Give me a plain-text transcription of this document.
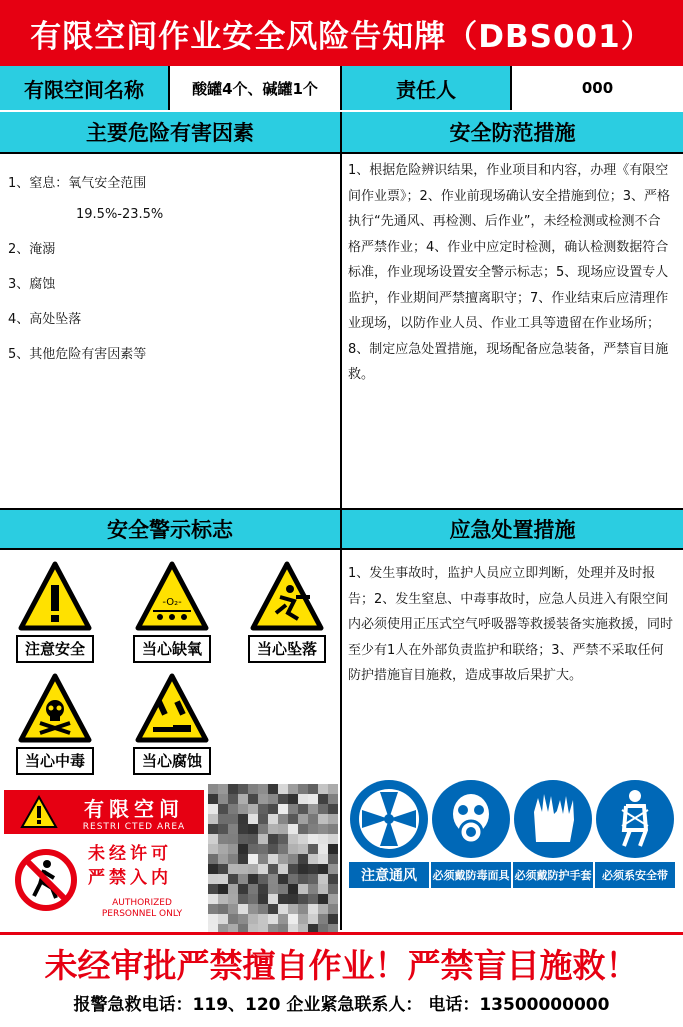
有限空间作业安全风险告知牌（DBS001）
有限空间名称	酸罐4个、碱罐1个	责任人	000
主要危险有害因素	安全防范措施
1、窒息：氧气安全范围
19.5%-23.5%
2、淹溺
3、腐蚀
4、高处坠落
5、其他危险有害因素等
1、根据危险辨识结果，作业项目和内容，办理《有限空间作业票》；2、作业前现场确认安全措施到位；3、严格执行“先通风、再检测、后作业”，未经检测或检测不合格严禁作业；4、作业中应定时检测，确认检测数据符合标准，作业现场设置安全警示标志；5、现场应设置专人监护，作业期间严禁擅离职守；7、作业结束后应清理作业现场，以防作业人员、作业工具等遗留在作业场所；8、制定应急处置措施，现场配备应急装备，严禁盲目施救。
安全警示标志	应急处置措施
注意安全
-O₂-
当心缺氧	当心坠落
当心中毒	当心腐蚀
有限空间
RESTRI CTED AREA
未经许可
严禁入内
AUTHORIZED
PERSONNEL ONLY
1、发生事故时，监护人员应立即判断，处理并及时报告；2、发生窒息、中毒事故时，应急人员进入有限空间内必须使用正压式空气呼吸器等救援装备实施救援，同时至少有1人在外部负责监护和联络；3、严禁不采取任何防护措施盲目施救，造成事故后果扩大。
注意通风	必须戴防毒面具 必须戴防护手套 必须系安全带
未经审批严禁擅自作业！严禁盲目施救！
报警急救电话：119、120 企业紧急联系人： 电话：13500000000
